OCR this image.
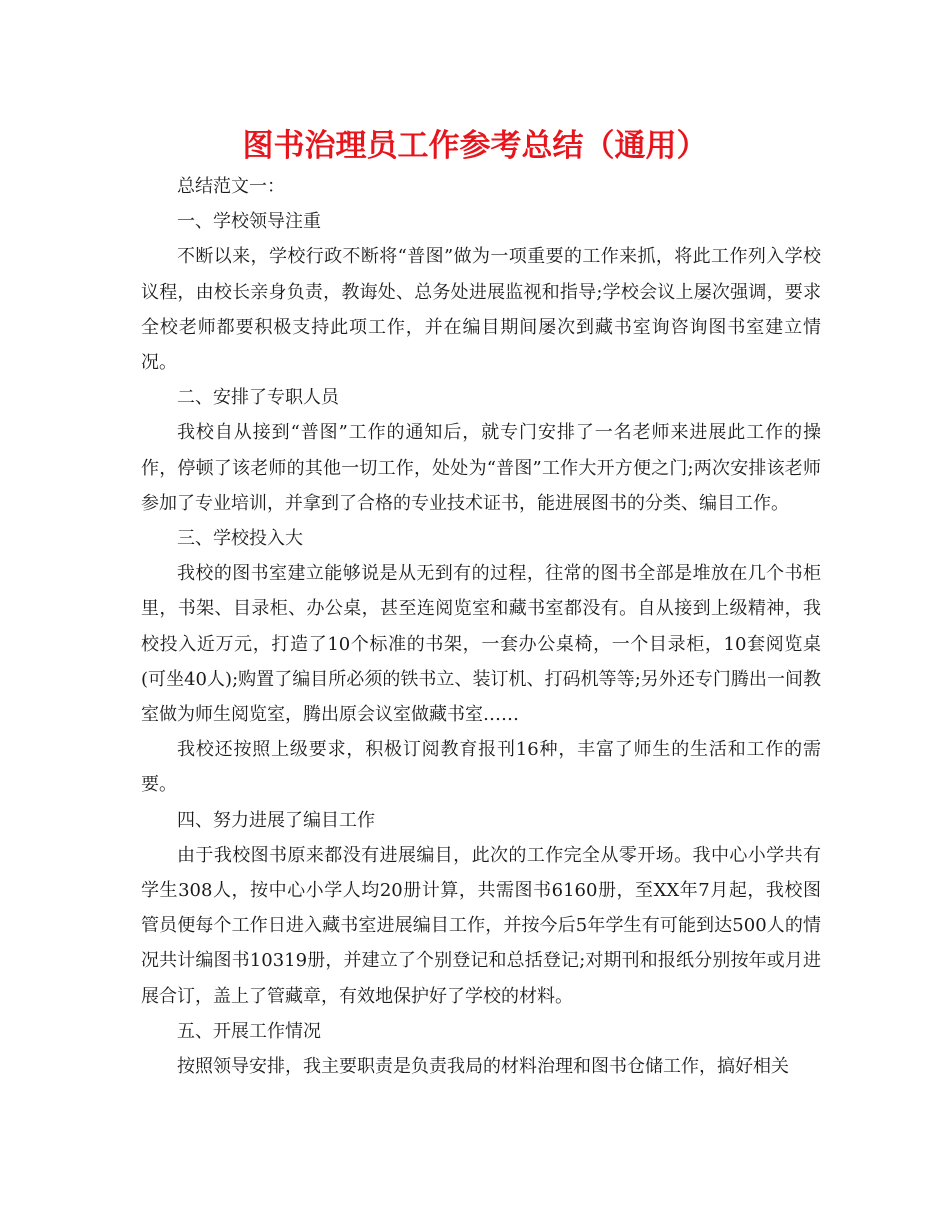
图书治理员工作参考总结（通用）

总结范文一：

一、学校领导注重

不断以来，学校行政不断将“普图”做为一项重要的工作来抓，将此工作列入学校议程，由校长亲身负责，教诲处、总务处进展监视和指导;学校会议上屡次强调，要求全校老师都要积极支持此项工作，并在编目期间屡次到藏书室询咨询图书室建立情况。

二、安排了专职人员

我校自从接到“普图”工作的通知后，就专门安排了一名老师来进展此工作的操作，停顿了该老师的其他一切工作，处处为“普图”工作大开方便之门;两次安排该老师参加了专业培训，并拿到了合格的专业技术证书，能进展图书的分类、编目工作。

三、学校投入大

我校的图书室建立能够说是从无到有的过程，往常的图书全部是堆放在几个书柜里，书架、目录柜、办公桌，甚至连阅览室和藏书室都没有。自从接到上级精神，我校投入近万元，打造了10个标准的书架，一套办公桌椅，一个目录柜，10套阅览桌(可坐40人);购置了编目所必须的铁书立、装订机、打码机等等;另外还专门腾出一间教室做为师生阅览室，腾出原会议室做藏书室……

我校还按照上级要求，积极订阅教育报刊16种，丰富了师生的生活和工作的需要。

四、努力进展了编目工作

由于我校图书原来都没有进展编目，此次的工作完全从零开场。我中心小学共有学生308人，按中心小学人均20册计算，共需图书6160册，至XX年7月起，我校图管员便每个工作日进入藏书室进展编目工作，并按今后5年学生有可能到达500人的情况共计编图书10319册，并建立了个别登记和总括登记;对期刊和报纸分别按年或月进展合订，盖上了管藏章，有效地保护好了学校的材料。

五、开展工作情况

按照领导安排，我主要职责是负责我局的材料治理和图书仓储工作，搞好相关
